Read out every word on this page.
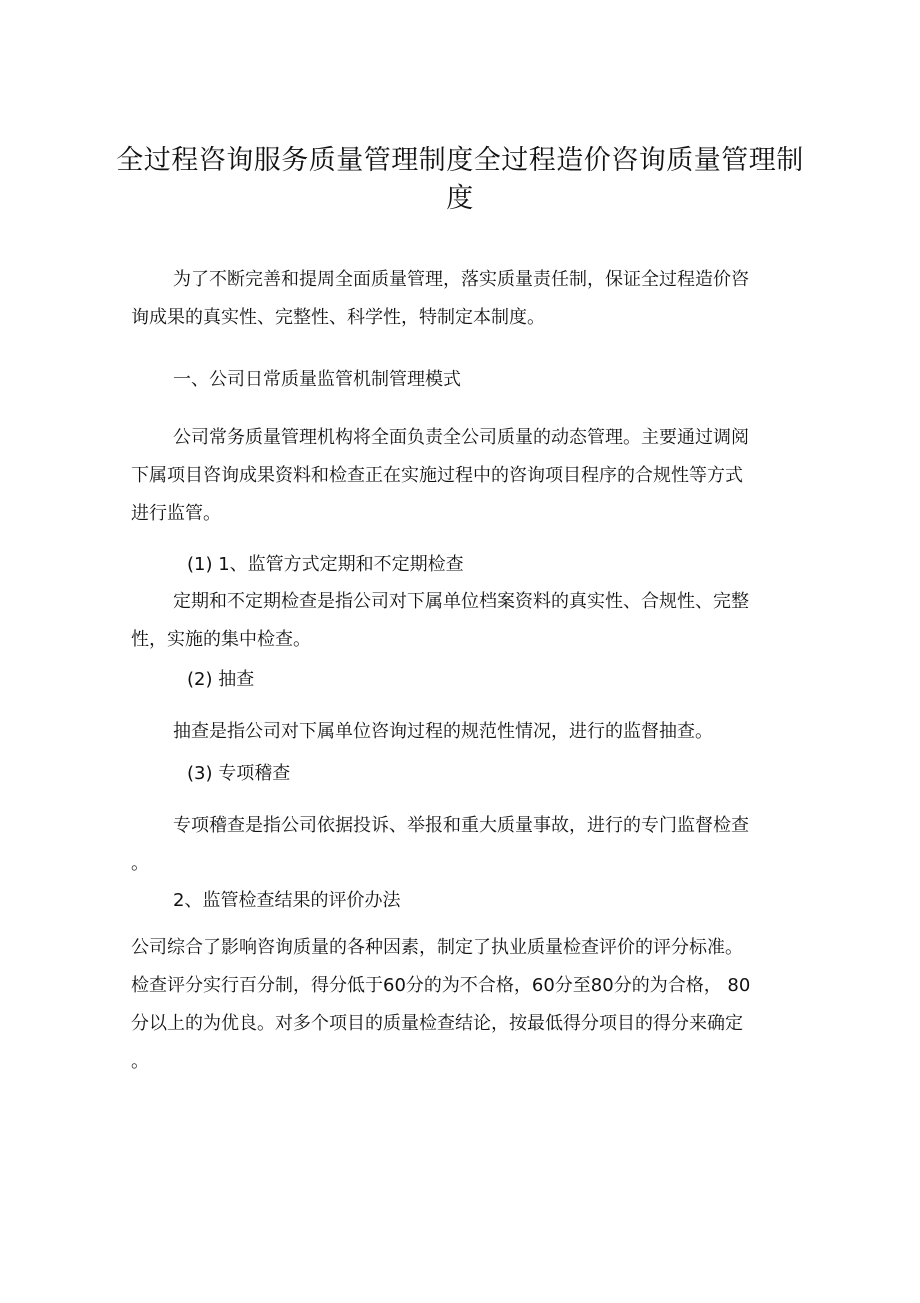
全过程咨询服务质量管理制度全过程造价咨询质量管理制
度
为了不断完善和提周全面质量管理，落实质量责任制，保证全过程造价咨
询成果的真实性、完整性、科学性，特制定本制度。
一、公司日常质量监管机制管理模式
公司常务质量管理机构将全面负责全公司质量的动态管理。主要通过调阅
下属项目咨询成果资料和检查正在实施过程中的咨询项目程序的合规性等方式
进行监管。
(1) 1、监管方式定期和不定期检查
定期和不定期检查是指公司对下属单位档案资料的真实性、合规性、完整
性，实施的集中检查。
(2) 抽查
抽查是指公司对下属单位咨询过程的规范性情况，进行的监督抽查。
(3) 专项稽查
专项稽查是指公司依据投诉、举报和重大质量事故，进行的专门监督检查
。
2、监管检查结果的评价办法
公司综合了影响咨询质量的各种因素，制定了执业质量检查评价的评分标准。
检查评分实行百分制，得分低于60分的为不合格，60分至80分的为合格， 80
分以上的为优良。对多个项目的质量检查结论，按最低得分项目的得分来确定
。
